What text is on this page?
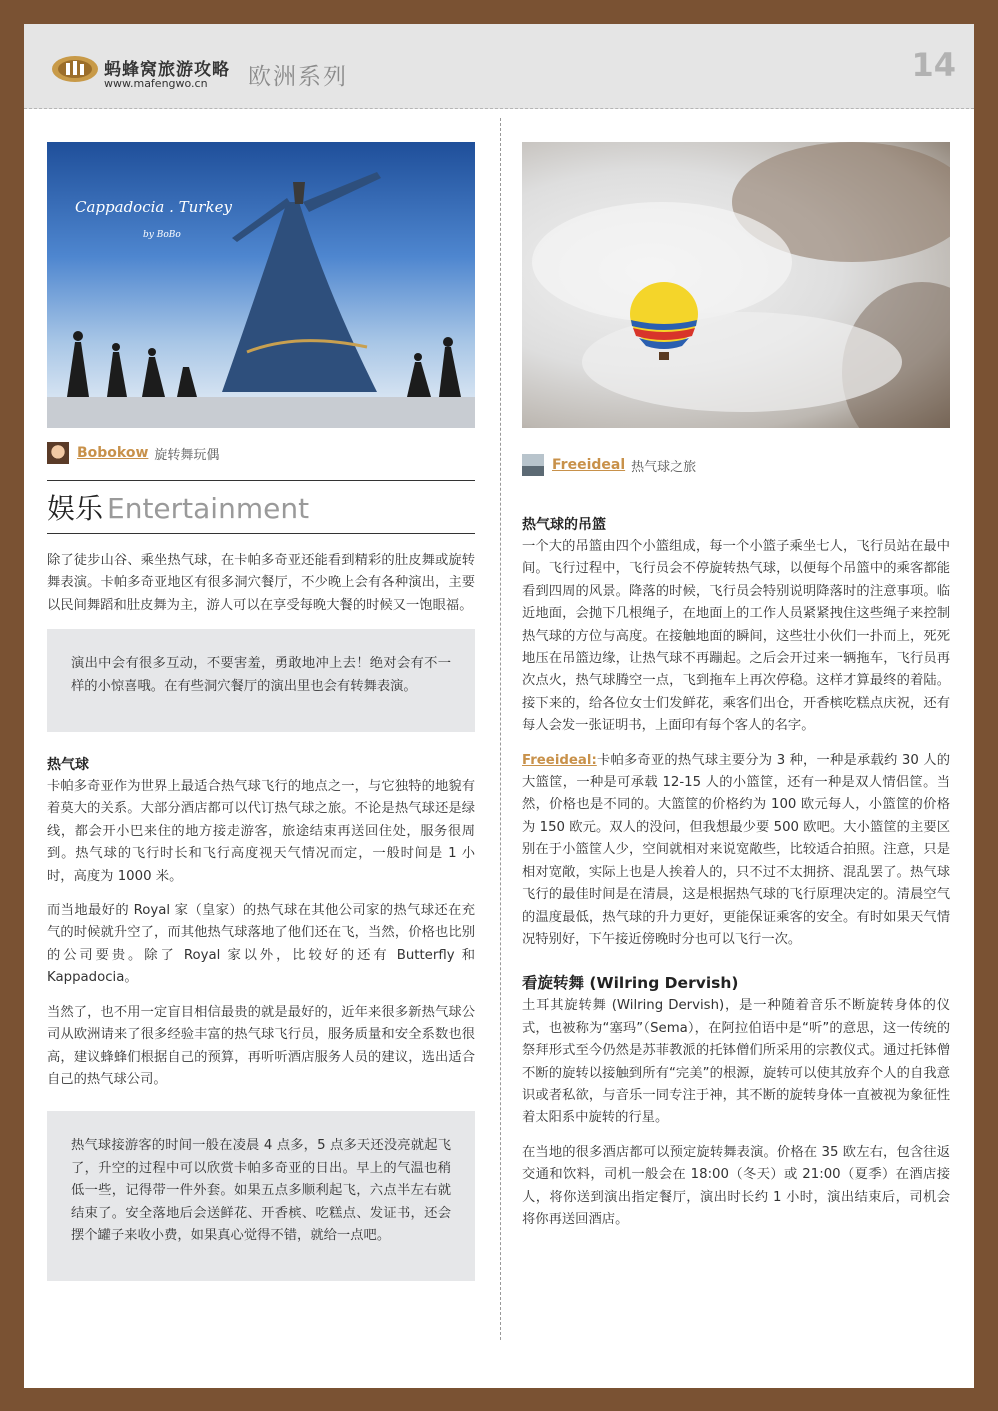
蚂蜂窝旅游攻略
www.mafengwo.cn 欧洲系列	14
Cappadocia . Turkey
by BoBo
Bobokow 旋转舞玩偶
娱乐 Entertainment

除了徒步山谷、乘坐热气球，在卡帕多奇亚还能看到精彩的肚皮舞或旋转舞表演。卡帕多奇亚地区有很多洞穴餐厅，不少晚上会有各种演出，主要以民间舞蹈和肚皮舞为主，游人可以在享受每晚大餐的时候又一饱眼福。

演出中会有很多互动，不要害羞，勇敢地冲上去！绝对会有不一样的小惊喜哦。在有些洞穴餐厅的演出里也会有转舞表演。

热气球

卡帕多奇亚作为世界上最适合热气球飞行的地点之一，与它独特的地貌有着莫大的关系。大部分酒店都可以代订热气球之旅。不论是热气球还是绿线，都会开小巴来住的地方接走游客，旅途结束再送回住处，服务很周到。热气球的飞行时长和飞行高度视天气情况而定，一般时间是 1 小时，高度为 1000 米。

而当地最好的 Royal 家（皇家）的热气球在其他公司家的热气球还在充气的时候就升空了，而其他热气球落地了他们还在飞，当然，价格也比别的公司要贵。除了 Royal 家以外，比较好的还有 Butterfly 和 Kappadocia。

当然了，也不用一定盲目相信最贵的就是最好的，近年来很多新热气球公司从欧洲请来了很多经验丰富的热气球飞行员，服务质量和安全系数也很高，建议蜂蜂们根据自己的预算，再听听酒店服务人员的建议，选出适合自己的热气球公司。

热气球接游客的时间一般在凌晨 4 点多，5 点多天还没亮就起飞了，升空的过程中可以欣赏卡帕多奇亚的日出。早上的气温也稍低一些，记得带一件外套。如果五点多顺利起飞，六点半左右就结束了。安全落地后会送鲜花、开香槟、吃糕点、发证书，还会摆个罐子来收小费，如果真心觉得不错，就给一点吧。

Freeideal 热气球之旅

热气球的吊篮

一个大的吊篮由四个小篮组成，每一个小篮子乘坐七人，飞行员站在最中间。飞行过程中，飞行员会不停旋转热气球，以便每个吊篮中的乘客都能看到四周的风景。降落的时候，飞行员会特别说明降落时的注意事项。临近地面，会抛下几根绳子，在地面上的工作人员紧紧拽住这些绳子来控制热气球的方位与高度。在接触地面的瞬间，这些壮小伙们一扑而上，死死地压在吊篮边缘，让热气球不再蹦起。之后会开过来一辆拖车，飞行员再次点火，热气球腾空一点，飞到拖车上再次停稳。这样才算最终的着陆。接下来的，给各位女士们发鲜花，乘客们出仓，开香槟吃糕点庆祝，还有每人会发一张证明书，上面印有每个客人的名字。

Freeideal:卡帕多奇亚的热气球主要分为 3 种，一种是承载约 30 人的大篮筐，一种是可承载 12-15 人的小篮筐，还有一种是双人情侣筐。当然，价格也是不同的。大篮筐的价格约为 100 欧元每人，小篮筐的价格为 150 欧元。双人的没问，但我想最少要 500 欧吧。大小篮筐的主要区别在于小篮筐人少，空间就相对来说宽敞些，比较适合拍照。注意，只是相对宽敞，实际上也是人挨着人的，只不过不太拥挤、混乱罢了。热气球飞行的最佳时间是在清晨，这是根据热气球的飞行原理决定的。清晨空气的温度最低，热气球的升力更好，更能保证乘客的安全。有时如果天气情况特别好，下午接近傍晚时分也可以飞行一次。

看旋转舞 (Wilring Dervish)

土耳其旋转舞 (Wilring Dervish)，是一种随着音乐不断旋转身体的仪式，也被称为“塞玛”（Sema），在阿拉伯语中是“听”的意思，这一传统的祭拜形式至今仍然是苏菲教派的托钵僧们所采用的宗教仪式。通过托钵僧不断的旋转以接触到所有“完美”的根源，旋转可以使其放弃个人的自我意识或者私欲，与音乐一同专注于神，其不断的旋转身体一直被视为象征性着太阳系中旋转的行星。

在当地的很多酒店都可以预定旋转舞表演。价格在 35 欧左右，包含往返交通和饮料，司机一般会在 18:00（冬天）或 21:00（夏季）在酒店接人，将你送到演出指定餐厅，演出时长约 1 小时，演出结束后，司机会将你再送回酒店。
